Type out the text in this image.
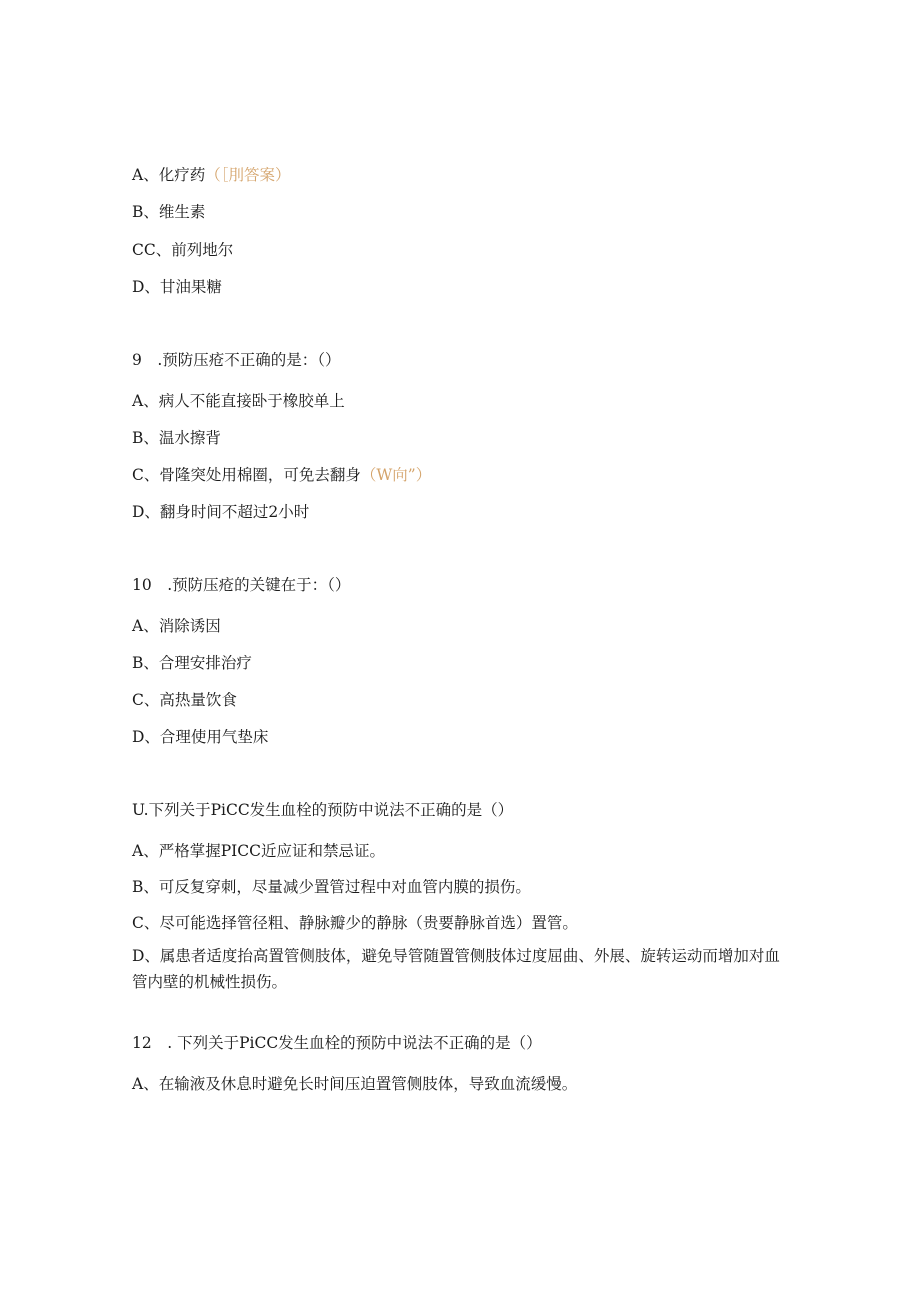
A、化疗药（［刖答案）
B、维生素
CC、前列地尔
D、甘油果糖
9　.预防压疮不正确的是：（）
A、病人不能直接卧于橡胶单上
B、温水擦背
C、骨隆突处用棉圈，可免去翻身（W向”）
D、翻身时间不超过2小时
10　.预防压疮的关键在于：（）
A、消除诱因
B、合理安排治疗
C、高热量饮食
D、合理使用气垫床
U.下列关于PiCC发生血栓的预防中说法不正确的是（）
A、严格掌握PICC近应证和禁忌证。
B、可反复穿刺，尽量减少置管过程中对血管内膜的损伤。
C、尽可能选择管径粗、静脉瓣少的静脉（贵要静脉首选）置管。
D、属患者适度抬高置管侧肢体，避免导管随置管侧肢体过度屈曲、外展、旋转运动而增加对血管内壁的机械性损伤。
12　. 下列关于PiCC发生血栓的预防中说法不正确的是（）
A、在输液及休息时避免长时间压迫置管侧肢体，导致血流缓慢。
